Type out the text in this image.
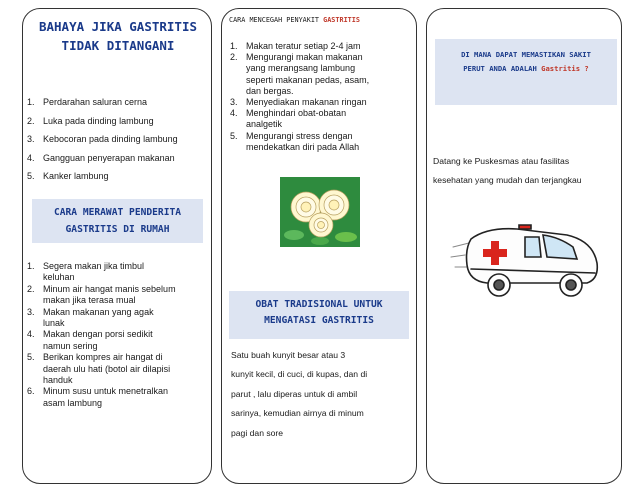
BAHAYA JIKA GASTRITIS
TIDAK DITANGANI
1. Perdarahan saluran cerna
2. Luka pada dinding lambung
3. Kebocoran pada dinding lambung
4. Gangguan penyerapan makanan
5. Kanker lambung
CARA MERAWAT PENDERITA
GASTRITIS DI RUMAH
1. Segera makan jika timbul
keluhan
2. Minum air hangat manis sebelum
makan jika terasa mual
3. Makan makanan yang agak
lunak
4. Makan dengan porsi sedikit
namun sering
5. Berikan kompres air hangat di
daerah ulu hati (botol air dilapisi
handuk
6. Minum susu untuk menetralkan
asam lambung
CARA MENCEGAH PENYAKIT GASTRITIS
1. Makan teratur setiap 2-4 jam
2. Mengurangi makan makanan
yang merangsang lambung
seperti makanan pedas, asam,
dan bergas.
3. Menyediakan makanan ringan
4. Menghindari obat-obatan
analgetik
5. Mengurangi stress dengan
mendekatkan diri pada Allah
OBAT TRADISIONAL UNTUK
MENGATASI GASTRITIS
Satu buah kunyit besar atau 3
kunyit kecil, di cuci, di kupas, dan di
parut , lalu diperas untuk di ambil
sarinya, kemudian airnya di minum
pagi dan sore
DI MANA DAPAT MEMASTIKAN SAKIT
PERUT ANDA ADALAH Gastritis ?
Datang ke Puskesmas atau fasilitas
kesehatan yang mudah dan terjangkau
